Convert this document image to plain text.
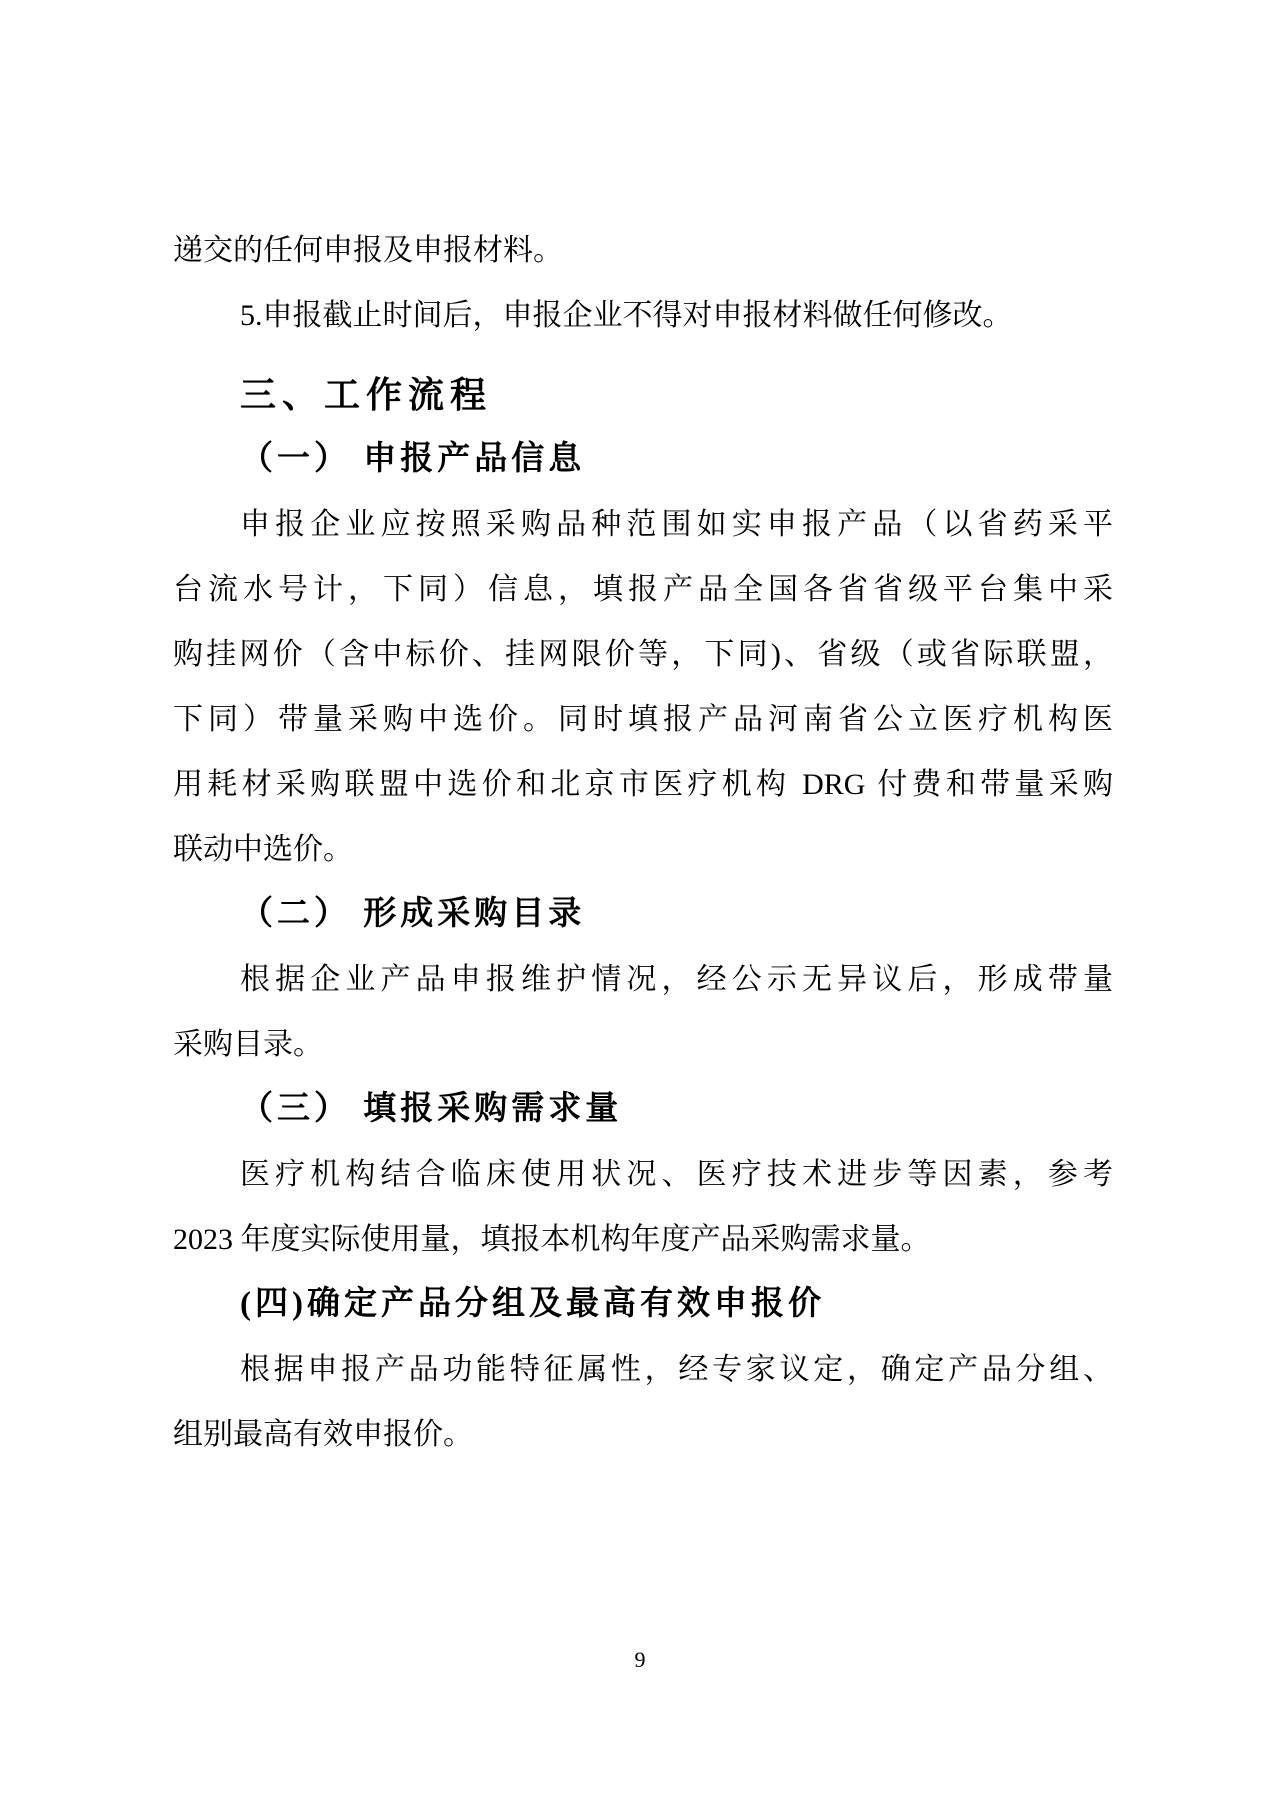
递交的任何申报及申报材料。
5.申报截止时间后，申报企业不得对申报材料做任何修改。
三、工作流程
（一） 申报产品信息
申报企业应按照采购品种范围如实申报产品（以省药采平
台流水号计，下同）信息，填报产品全国各省省级平台集中采
购挂网价（含中标价、挂网限价等，下同)、省级（或省际联盟，
下同）带量采购中选价。同时填报产品河南省公立医疗机构医
用耗材采购联盟中选价和北京市医疗机构 DRG 付费和带量采购
联动中选价。
（二） 形成采购目录
根据企业产品申报维护情况，经公示无异议后，形成带量
采购目录。
（三） 填报采购需求量
医疗机构结合临床使用状况、医疗技术进步等因素，参考
2023 年度实际使用量，填报本机构年度产品采购需求量。
(四)确定产品分组及最高有效申报价
根据申报产品功能特征属性，经专家议定，确定产品分组、
组别最高有效申报价。
9
